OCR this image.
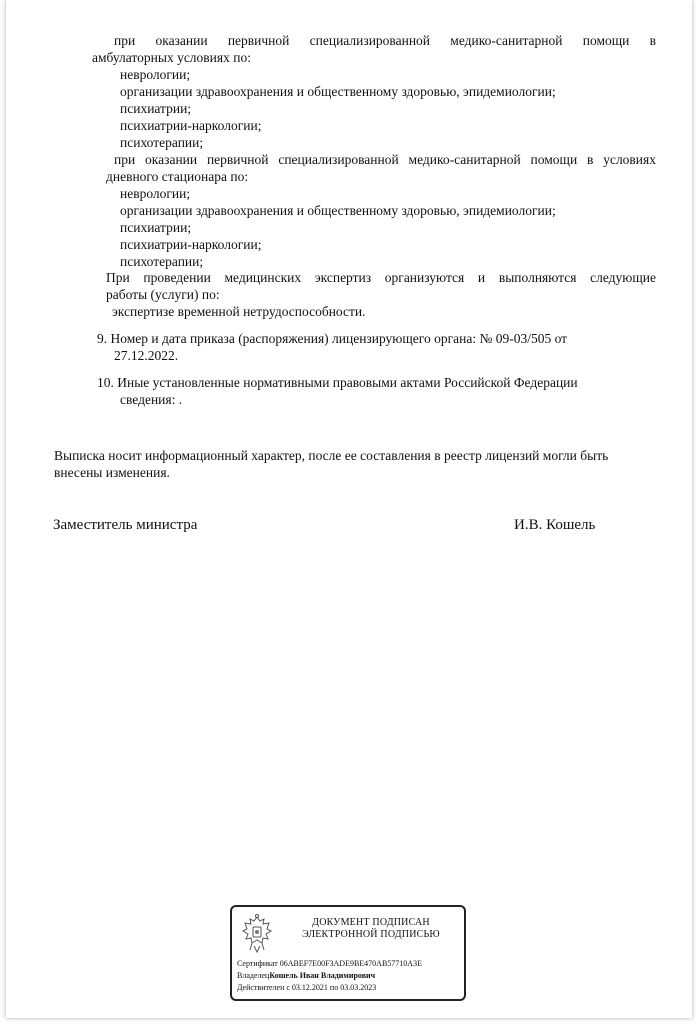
при оказании первичной специализированной медико-санитарной помощи в
амбулаторных условиях по:
неврологии;
организации здравоохранения и общественному здоровью, эпидемиологии;
психиатрии;
психиатрии-наркологии;
психотерапии;
при оказании первичной специализированной медико-санитарной помощи в условиях
дневного стационара по:
неврологии;
организации здравоохранения и общественному здоровью, эпидемиологии;
психиатрии;
психиатрии-наркологии;
психотерапии;
При проведении медицинских экспертиз организуются и выполняются следующие
работы (услуги) по:
экспертизе временной нетрудоспособности.
9. Номер и дата приказа (распоряжения) лицензирующего органа: № 09-03/505 от
27.12.2022.
10. Иные установленные нормативными правовыми актами Российской Федерации
сведения: .
Выписка носит информационный характер, после ее составления в реестр лицензий могли быть
внесены изменения.
Заместитель министра	И.В. Кошель
ДОКУМЕНТ ПОДПИСАН
ЭЛЕКТРОННОЙ ПОДПИСЬЮ
Сертификат 06ABEF7E00F3ADE9BE470AB57710A3E
ВладелецКошель Иван Владимирович
Действителен с 03.12.2021 по 03.03.2023
